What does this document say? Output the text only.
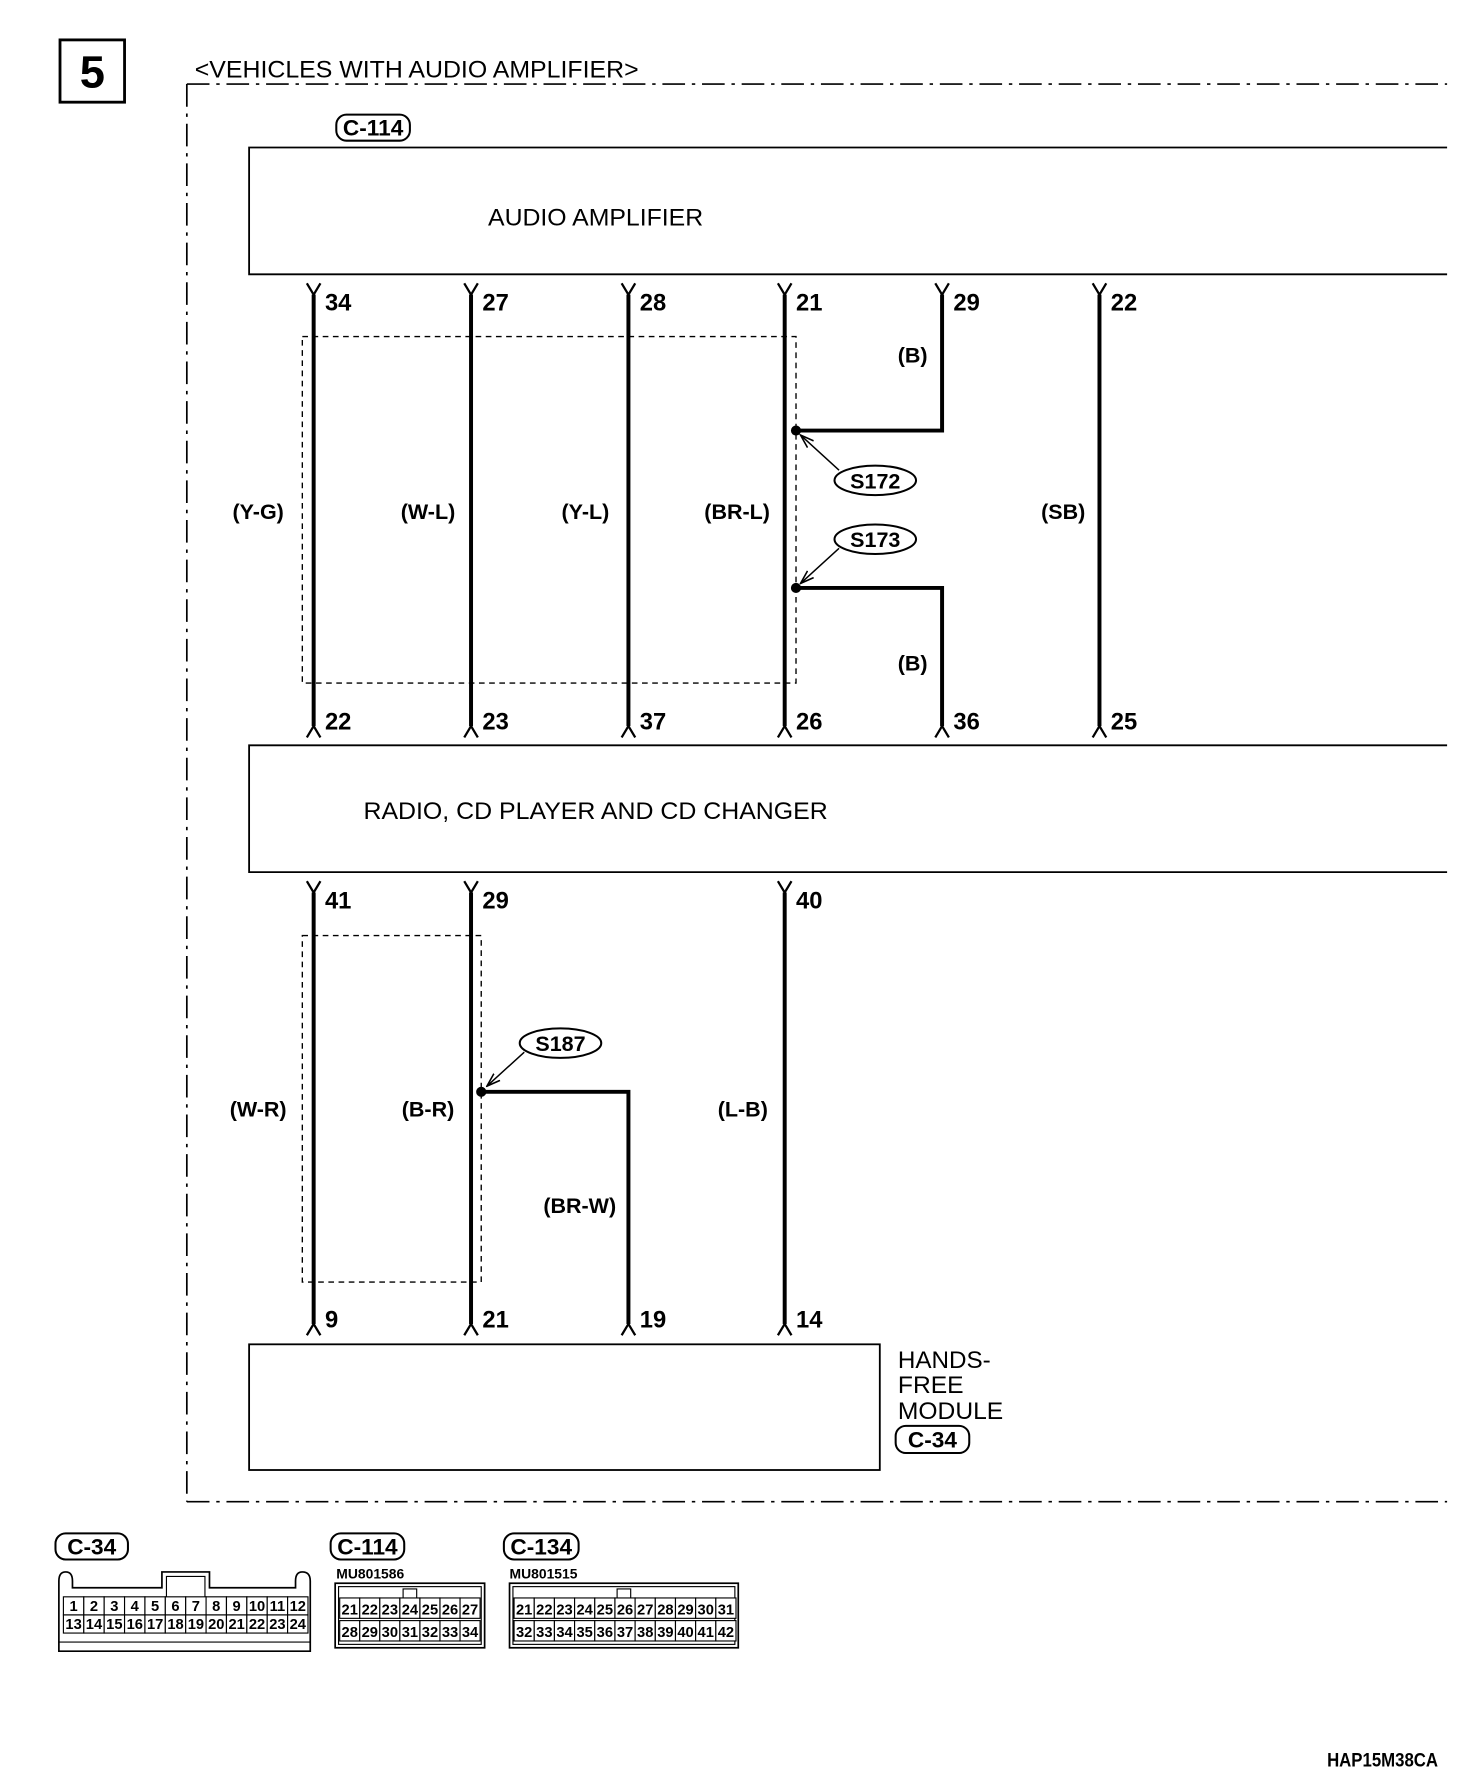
5	<VEHICLES WITH AUDIO AMPLIFIER>
C-114
AUDIO AMPLIFIER
34
22
(Y-G)
27
23
(W-L)
28
37
(Y-L)
21
26
(BR-L)
22
25
(SB)
29
(B)
S172
36
(B)
S173
RADIO, CD PLAYER AND CD CHANGER
41
9
(W-R)
29
21
(B-R)
40
14
(L-B)
19
(BR-W)
S187
HANDS-
FREE
MODULE
C-34
C-34
1 2 3 4 5 6 7 8 9 10 11 12
13 14 15 16 17 18 19 20 21 22 23 24
C-114
MU801586
21 22 23 24 25 26 27
28 29 30 31 32 33 34
C-134
MU801515
21 22 23 24 25 26 27 28 29 30 31
32 33 34 35 36 37 38 39 40 41 42
HAP15M38CA
